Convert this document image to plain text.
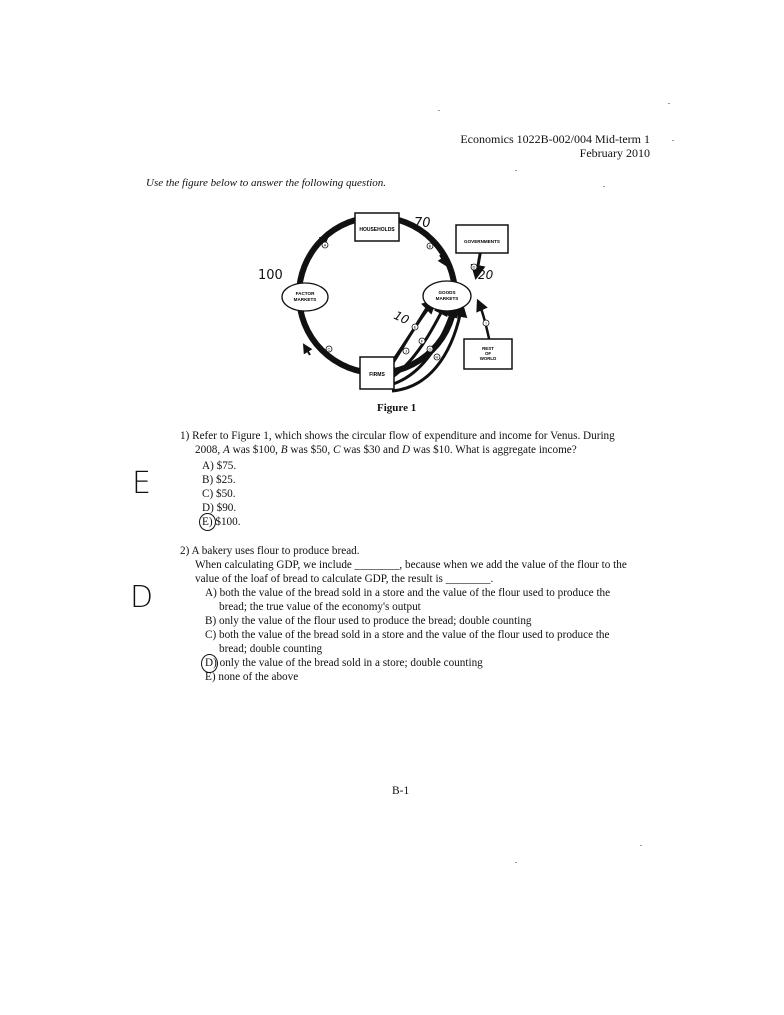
Economics 1022B-002/004 Mid-term 1
February 2010
Use the figure below to answer the following question.
HOUSEHOLDS
GOVERNMENTS
FACTOR
MARKETS
GOODS
MARKETS
FIRMS
REST
OF
WORLD
A	B
C
D
E
F
G
H
I
J
100
70
20
10
Figure 1
1) Refer to Figure 1, which shows the circular flow of expenditure and income for Venus. During
2008, A was $100, B was $50, C was $30 and D was $10. What is aggregate income?
A) $75.
B) $25.
C) $50.
D) $90.
E) $100.
E
2) A bakery uses flour to produce bread.
When calculating GDP, we include ________, because when we add the value of the flour to the
value of the loaf of bread to calculate GDP, the result is ________.
A) both the value of the bread sold in a store and the value of the flour used to produce the
bread; the true value of the economy's output
B) only the value of the flour used to produce the bread; double counting
C) both the value of the bread sold in a store and the value of the flour used to produce the
bread; double counting
D) only the value of the bread sold in a store; double counting
E) none of the above
D
B-1
